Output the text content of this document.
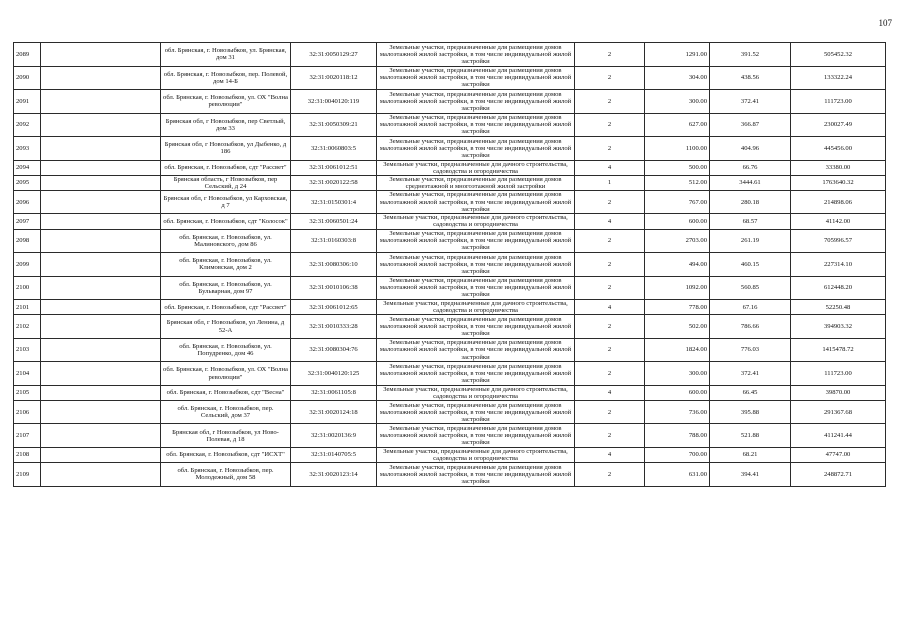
107
2089		обл. Брянская, г. Новозыбков, ул. Брянская, дом 31	32:31:0050129:27	Земельные участки, предназначенные для размещения домов малоэтажной жилой застройки, в том числе индивидуальной жилой застройки	2	1291.00	391.52	505452.32
2090		обл. Брянская, г. Новозыбков, пер. Полевой, дом 14-Б	32:31:0020118:12	Земельные участки, предназначенные для размещения домов малоэтажной жилой застройки, в том числе индивидуальной жилой застройки	2	304.00	438.56	133322.24
2091		обл. Брянская, г. Новозыбков, ул. ОХ "Волна революции"	32:31:0040120:119	Земельные участки, предназначенные для размещения домов малоэтажной жилой застройки, в том числе индивидуальной жилой застройки	2	300.00	372.41	111723.00
2092		Брянская обл, г Новозыбков, пер Светлый, дом 33	32:31:0050309:21	Земельные участки, предназначенные для размещения домов малоэтажной жилой застройки, в том числе индивидуальной жилой застройки	2	627.00	366.87	230027.49
2093		Брянская обл, г Новозыбков, ул Дыбенко, д 186	32:31:0060803:5	Земельные участки, предназначенные для размещения домов малоэтажной жилой застройки, в том числе индивидуальной жилой застройки	2	1100.00	404.96	445456.00
2094		обл. Брянская, г. Новозыбков, сдт "Рассвет"	32:31:0061012:51	Земельные участки, предназначенные для дачного строительства, садоводства и огородничества	4	500.00	66.76	33380.00
2095		Брянская область, г Новозыбков, пер Сельский, д 24	32:31:0020122:58	Земельные участки, предназначенные для размещения домов среднеэтажной и многоэтажной жилой застройки	1	512.00	3444.61	1763640.32
2096		Брянская обл, г Новозыбков, ул Карховская, д 7	32:31:0150301:4	Земельные участки, предназначенные для размещения домов малоэтажной жилой застройки, в том числе индивидуальной жилой застройки	2	767.00	280.18	214898.06
2097		обл. Брянская, г. Новозыбков, сдт "Колосок"	32:31:0060501:24	Земельные участки, предназначенные для дачного строительства, садоводства и огородничества	4	600.00	68.57	41142.00
2098		обл. Брянская, г. Новозыбков, ул. Малиновского, дом 86	32:31:0160303:8	Земельные участки, предназначенные для размещения домов малоэтажной жилой застройки, в том числе индивидуальной жилой застройки	2	2703.00	261.19	705996.57
2099		обл. Брянская, г. Новозыбков, ул. Климовская, дом 2	32:31:0080306:10	Земельные участки, предназначенные для размещения домов малоэтажной жилой застройки, в том числе индивидуальной жилой застройки	2	494.00	460.15	227314.10
2100		обл. Брянская, г. Новозыбков, ул. Бульварная, дом 97	32:31:0010106:38	Земельные участки, предназначенные для размещения домов малоэтажной жилой застройки, в том числе индивидуальной жилой застройки	2	1092.00	560.85	612448.20
2101		обл. Брянская, г. Новозыбков, сдт "Рассвет"	32:31:0061012:65	Земельные участки, предназначенные для дачного строительства, садоводства и огородничества	4	778.00	67.16	52250.48
2102		Брянская обл, г Новозыбков, ул Ленина, д 52-А	32:31:0010333:28	Земельные участки, предназначенные для размещения домов малоэтажной жилой застройки, в том числе индивидуальной жилой застройки	2	502.00	786.66	394903.32
2103		обл. Брянская, г. Новозыбков, ул. Попудренко, дом 46	32:31:0080304:76	Земельные участки, предназначенные для размещения домов малоэтажной жилой застройки, в том числе индивидуальной жилой застройки	2	1824.00	776.03	1415478.72
2104		обл. Брянская, г. Новозыбков, ул. ОХ "Волна революции"	32:31:0040120:125	Земельные участки, предназначенные для размещения домов малоэтажной жилой застройки, в том числе индивидуальной жилой застройки	2	300.00	372.41	111723.00
2105		обл. Брянская, г. Новозыбков, сдт "Весна"	32:31:0061105:8	Земельные участки, предназначенные для дачного строительства, садоводства и огородничества	4	600.00	66.45	39870.00
2106		обл. Брянская, г. Новозыбков, пер. Сельский, дом 37	32:31:0020124:18	Земельные участки, предназначенные для размещения домов малоэтажной жилой застройки, в том числе индивидуальной жилой застройки	2	736.00	395.88	291367.68
2107		Брянская обл, г Новозыбков, ул Ново-Полевая, д 18	32:31:0020136:9	Земельные участки, предназначенные для размещения домов малоэтажной жилой застройки, в том числе индивидуальной жилой застройки	2	788.00	521.88	411241.44
2108		обл. Брянская, г. Новозыбков, сдт "ИСХТ"	32:31:0140705:5	Земельные участки, предназначенные для дачного строительства, садоводства и огородничества	4	700.00	68.21	47747.00
2109		обл. Брянская, г. Новозыбков, пер. Молодежный, дом 58	32:31:0020123:14	Земельные участки, предназначенные для размещения домов малоэтажной жилой застройки, в том числе индивидуальной жилой застройки	2	631.00	394.41	248872.71
